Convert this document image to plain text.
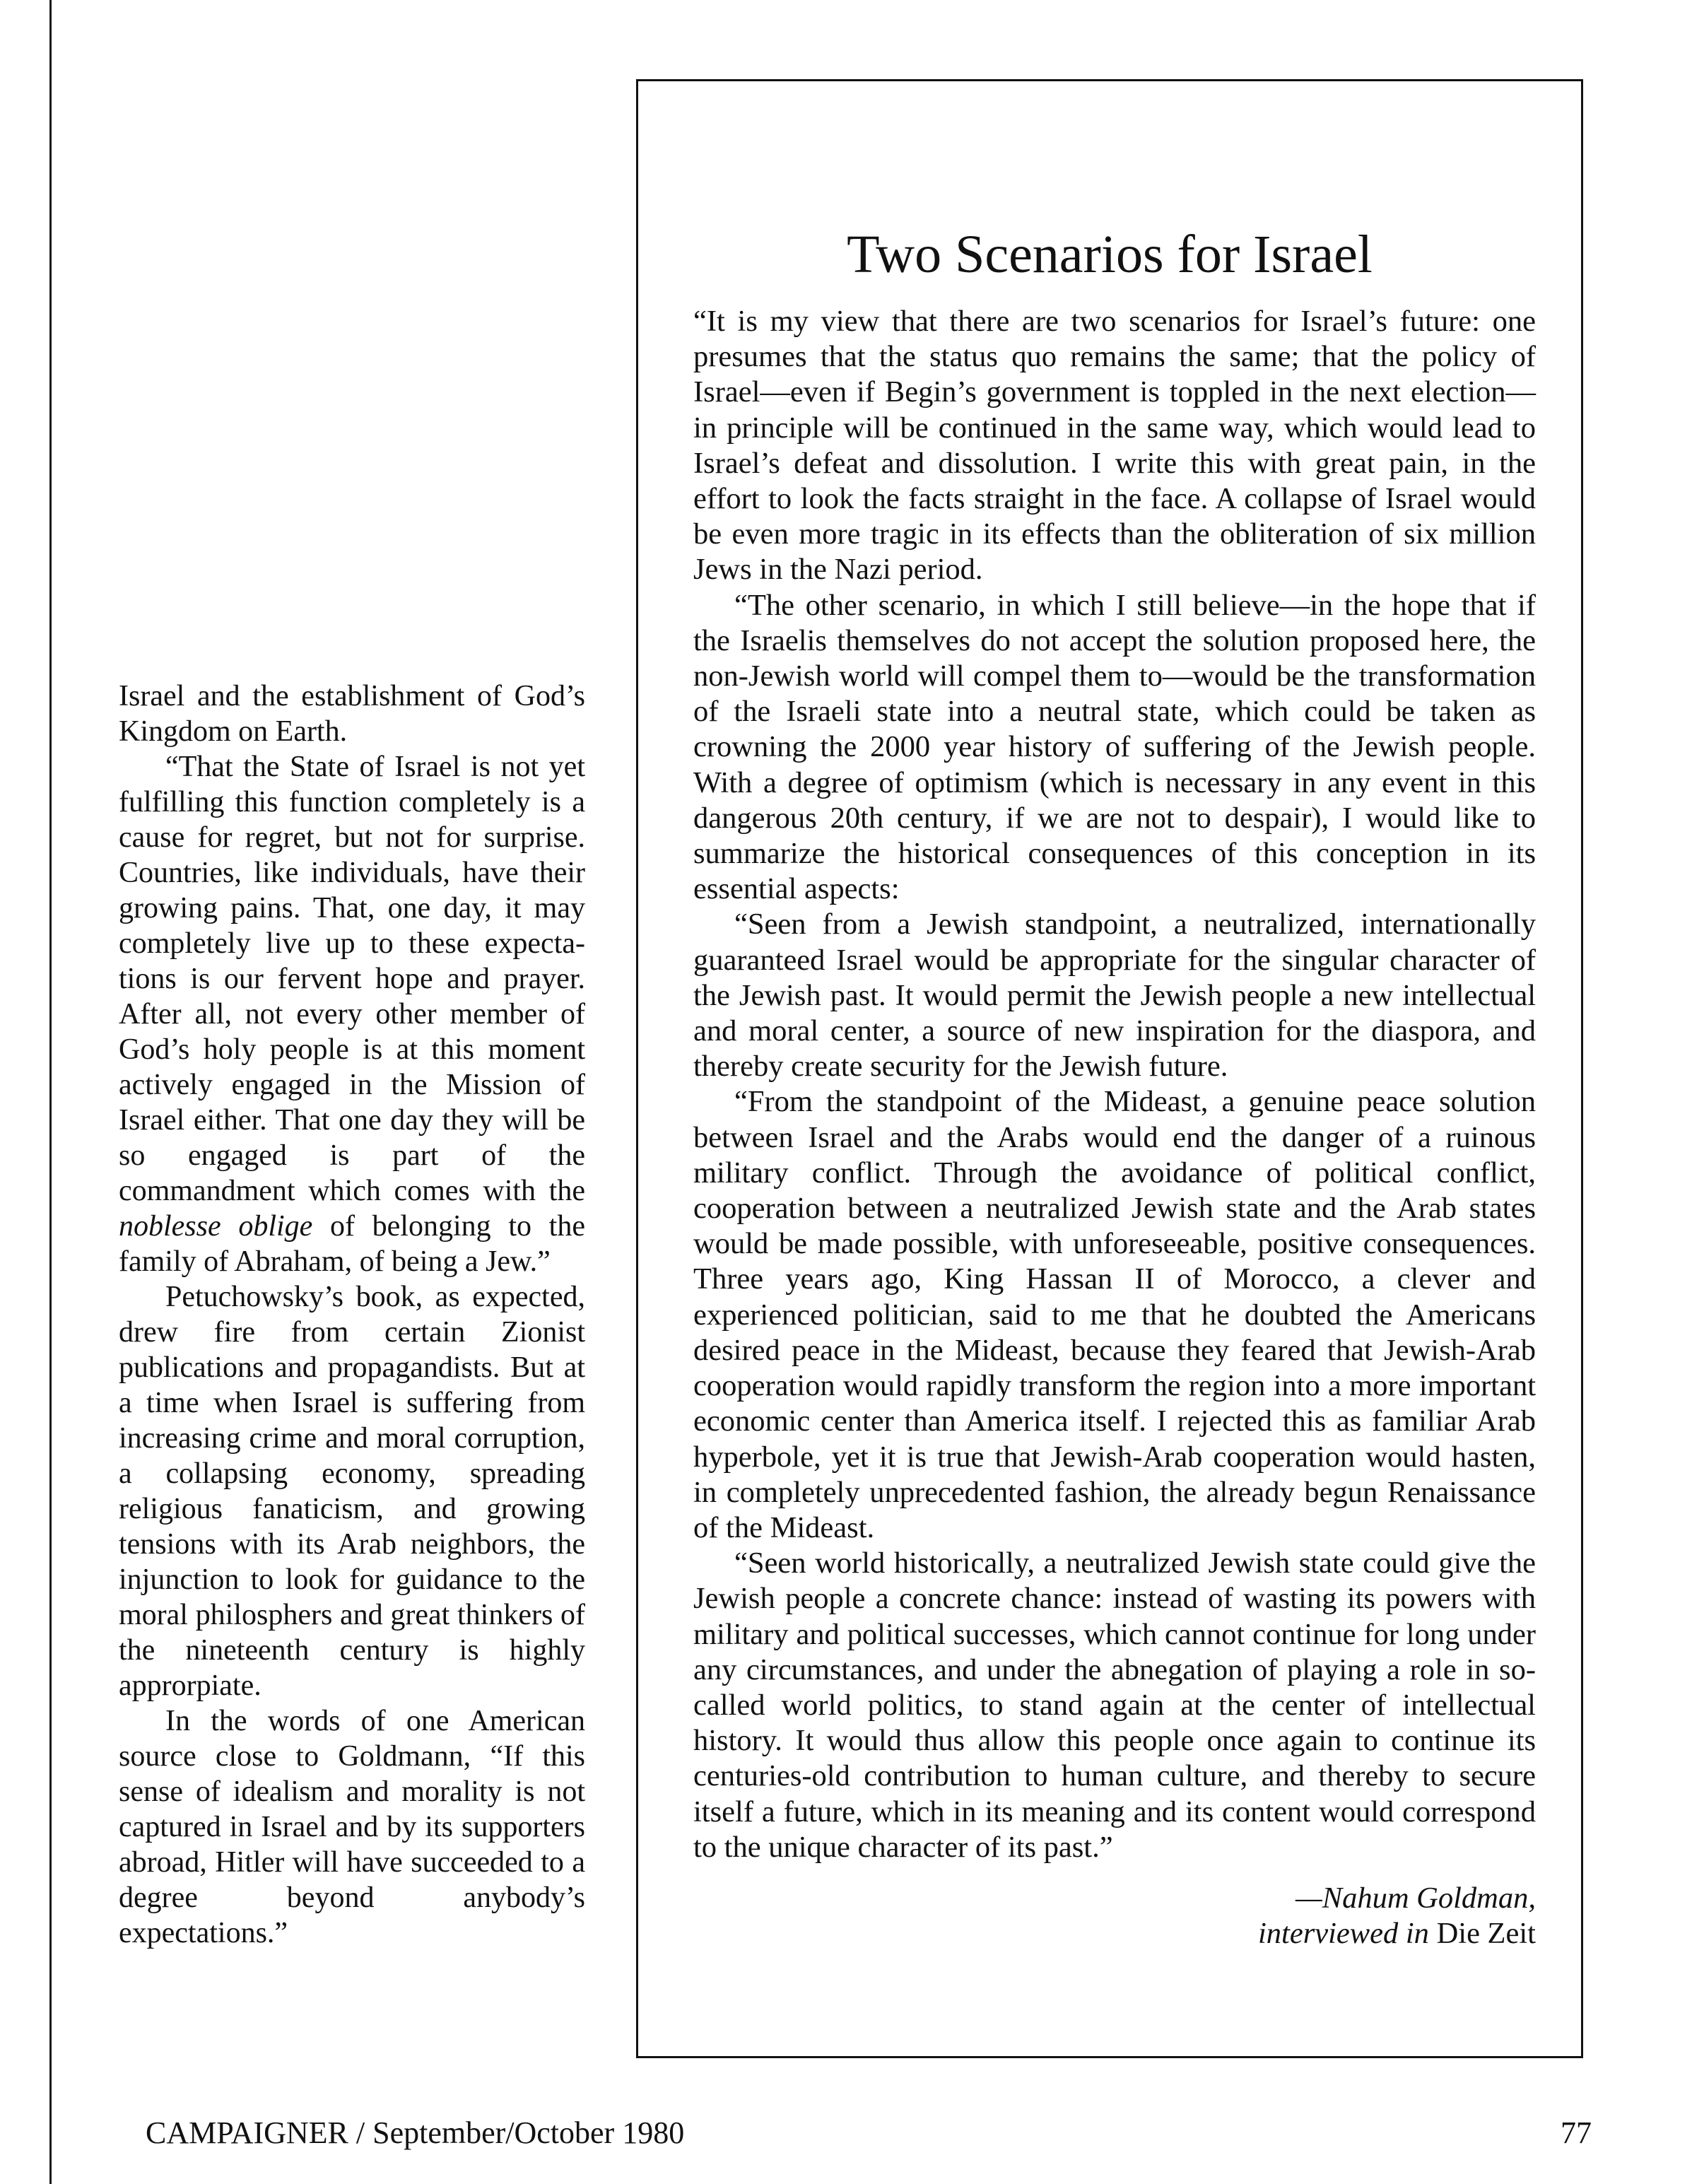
Israel and the establishment of God’s Kingdom on Earth.

“That the State of Israel is not yet fulfilling this function completely is a cause for regret, but not for surprise. Countries, like individuals, have their growing pains. That, one day, it may completely live up to these expectations is our fervent hope and prayer. After all, not every other member of God’s holy people is at this moment actively engaged in the Mission of Israel either. That one day they will be so engaged is part of the commandment which comes with the noblesse oblige of belonging to the family of Abraham, of being a Jew.”

Petuchowsky’s book, as expected, drew fire from certain Zionist publications and propagandists. But at a time when Israel is suffering from increasing crime and moral corruption, a collapsing economy, spreading religious fanaticism, and growing tensions with its Arab neighbors, the injunction to look for guidance to the moral philosphers and great thinkers of the nineteenth century is highly approrpiate.

In the words of one American source close to Goldmann, “If this sense of idealism and morality is not captured in Israel and by its supporters abroad, Hitler will have succeeded to a degree beyond anybody’s expectations.”

Two Scenarios for Israel

“It is my view that there are two scenarios for Israel’s future: one presumes that the status quo remains the same; that the policy of Israel—even if Begin’s government is toppled in the next election—in principle will be continued in the same way, which would lead to Israel’s defeat and dissolution. I write this with great pain, in the effort to look the facts straight in the face. A collapse of Israel would be even more tragic in its effects than the obliteration of six million Jews in the Nazi period.

“The other scenario, in which I still believe—in the hope that if the Israelis themselves do not accept the solution proposed here, the non-Jewish world will compel them to—would be the transformation of the Israeli state into a neutral state, which could be taken as crowning the 2000 year history of suffering of the Jewish people. With a degree of optimism (which is necessary in any event in this dangerous 20th century, if we are not to despair), I would like to summarize the historical consequences of this conception in its essential aspects:

“Seen from a Jewish standpoint, a neutralized, internationally guaranteed Israel would be appropriate for the singular character of the Jewish past. It would permit the Jewish people a new intellectual and moral center, a source of new inspiration for the diaspora, and thereby create security for the Jewish future.

“From the standpoint of the Mideast, a genuine peace solution between Israel and the Arabs would end the danger of a ruinous military conflict. Through the avoidance of political conflict, cooperation between a neutralized Jewish state and the Arab states would be made possible, with unforeseeable, positive consequences. Three years ago, King Hassan II of Morocco, a clever and experienced politician, said to me that he doubted the Americans desired peace in the Mideast, because they feared that Jewish-Arab cooperation would rapidly transform the region into a more important economic center than America itself. I rejected this as familiar Arab hyperbole, yet it is true that Jewish-Arab cooperation would hasten, in completely unprecedented fashion, the already begun Renaissance of the Mideast.

“Seen world historically, a neutralized Jewish state could give the Jewish people a concrete chance: instead of wasting its powers with military and political successes, which cannot continue for long under any circumstances, and under the abnegation of playing a role in so-called world politics, to stand again at the center of intellectual history. It would thus allow this people once again to continue its centuries-old contribution to human culture, and thereby to secure itself a future, which in its meaning and its content would correspond to the unique character of its past.”

—Nahum Goldman,
interviewed in Die Zeit
CAMPAIGNER / September/October 1980	77
